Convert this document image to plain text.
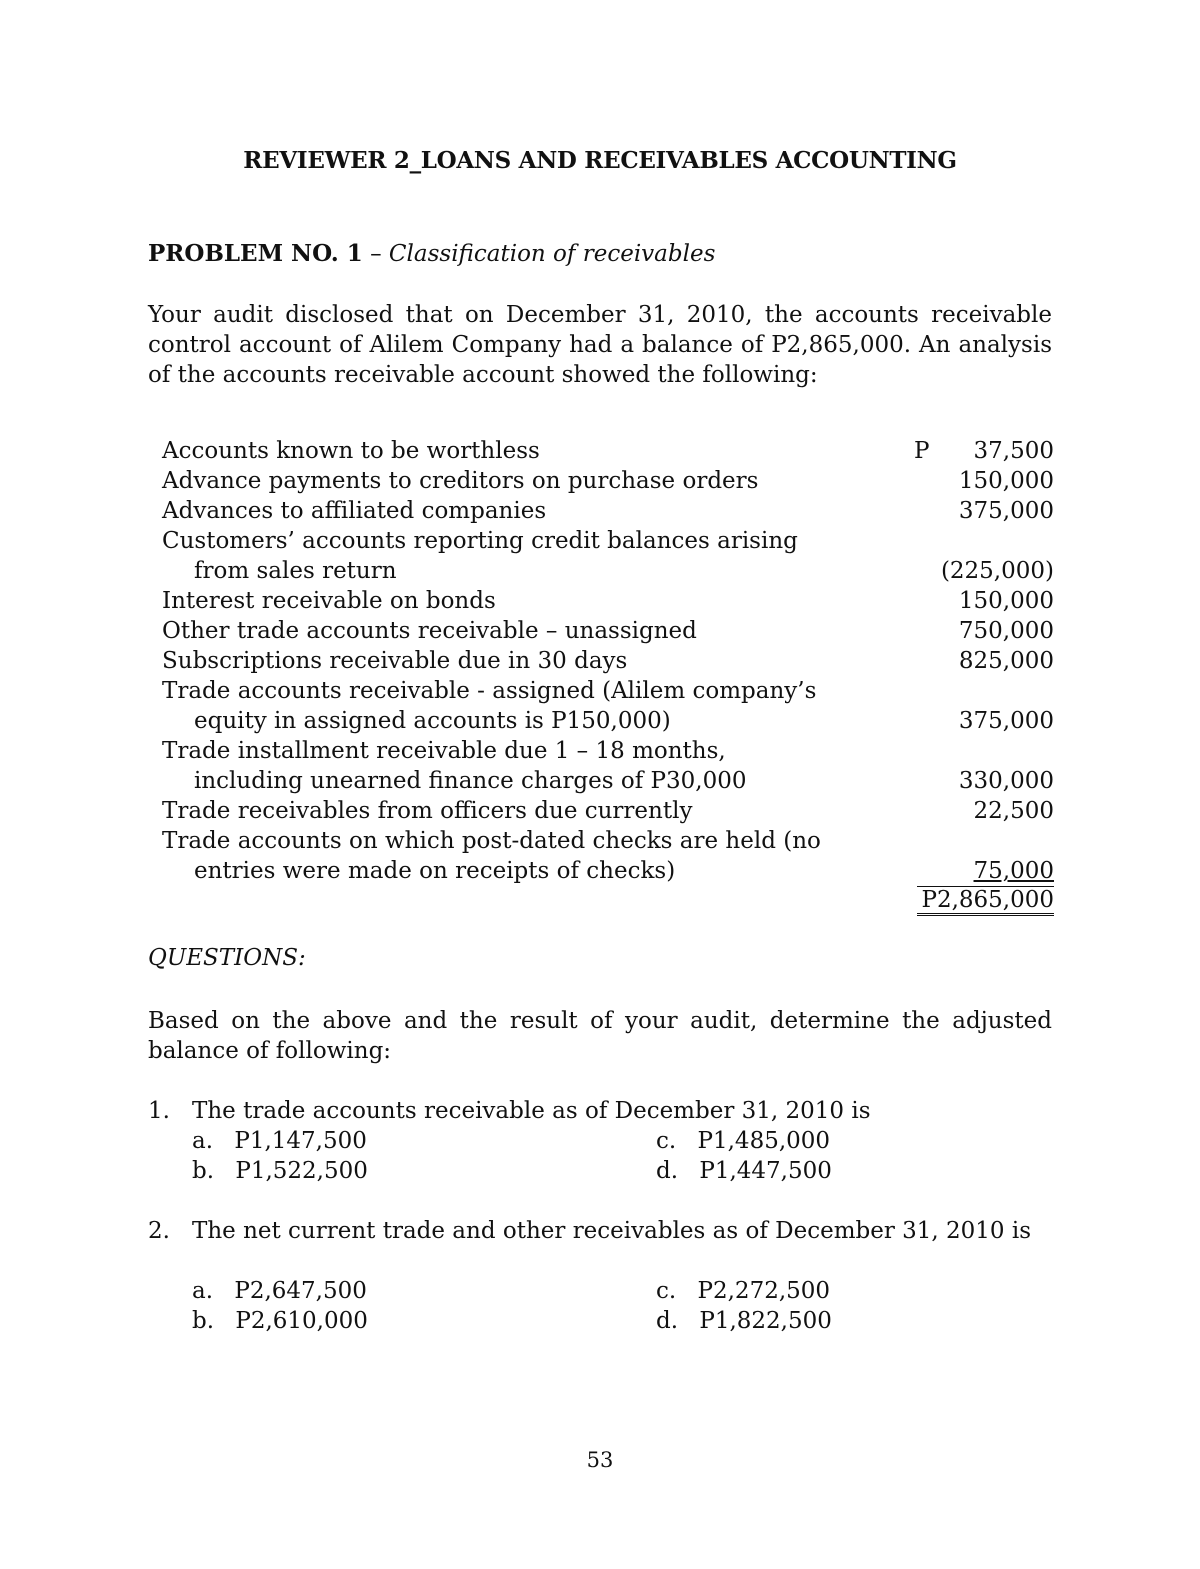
REVIEWER 2_LOANS AND RECEIVABLES ACCOUNTING
PROBLEM NO. 1 – Classification of receivables
Your audit disclosed that on December 31, 2010, the accounts receivable control account of Alilem Company had a balance of P2,865,000. An analysis of the accounts receivable account showed the following:
Accounts known to be worthless	P 37,500
Advance payments to creditors on purchase orders	150,000
Advances to affiliated companies	375,000
Customers’ accounts reporting credit balances arising
from sales return	(225,000)
Interest receivable on bonds	150,000
Other trade accounts receivable – unassigned	750,000
Subscriptions receivable due in 30 days	825,000
Trade accounts receivable - assigned (Alilem company’s
equity in assigned accounts is P150,000)	375,000
Trade installment receivable due 1 – 18 months,
including unearned finance charges of P30,000	330,000
Trade receivables from officers due currently	22,500
Trade accounts on which post-dated checks are held (no
entries were made on receipts of checks)	75,000
P2,865,000
QUESTIONS:
Based on the above and the result of your audit, determine the adjusted balance of following:
1. The trade accounts receivable as of December 31, 2010 is
a. P1,147,500	c. P1,485,000
b. P1,522,500	d. P1,447,500
2. The net current trade and other receivables as of December 31, 2010 is
a. P2,647,500	c. P2,272,500
b. P2,610,000	d. P1,822,500
53
